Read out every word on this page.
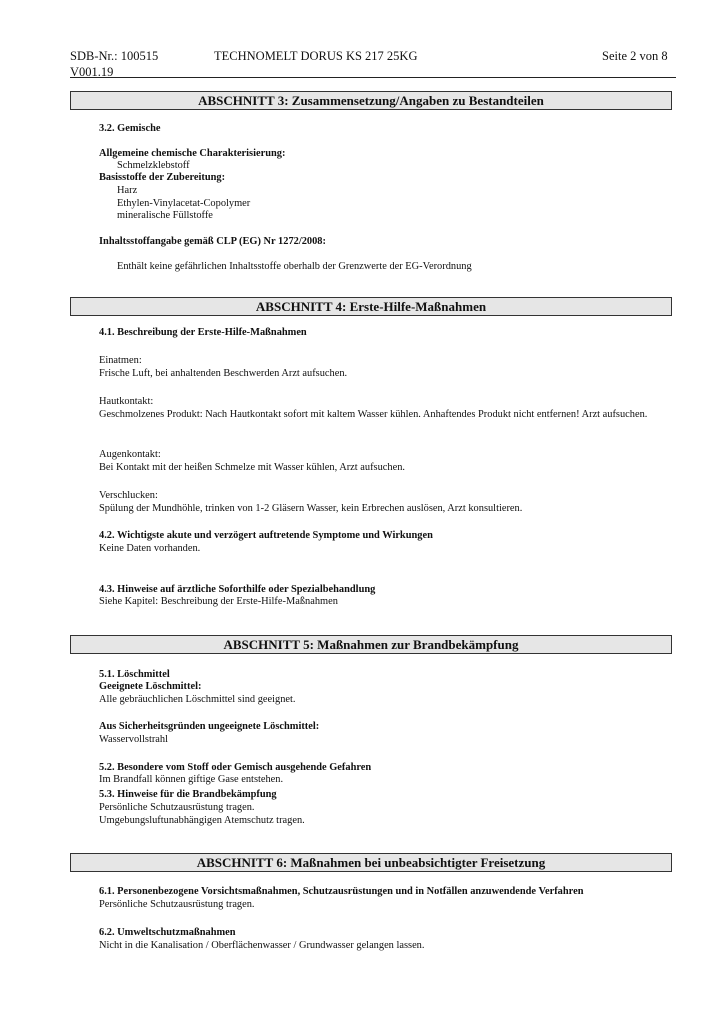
SDB-Nr.: 100515
V001.19
TECHNOMELT DORUS KS 217 25KG	Seite 2 von 8
ABSCHNITT 3: Zusammensetzung/Angaben zu Bestandteilen
3.2. Gemische
Allgemeine chemische Charakterisierung:
Schmelzklebstoff
Basisstoffe der Zubereitung:
Harz
Ethylen-Vinylacetat-Copolymer
mineralische Füllstoffe
Inhaltsstoffangabe gemäß CLP (EG) Nr 1272/2008:
Enthält keine gefährlichen Inhaltsstoffe oberhalb der Grenzwerte der EG-Verordnung
ABSCHNITT 4: Erste-Hilfe-Maßnahmen
4.1. Beschreibung der Erste-Hilfe-Maßnahmen
Einatmen:
Frische Luft, bei anhaltenden Beschwerden Arzt aufsuchen.
Hautkontakt:
Geschmolzenes Produkt: Nach Hautkontakt sofort mit kaltem Wasser kühlen. Anhaftendes Produkt nicht entfernen! Arzt aufsuchen.
Augenkontakt:
Bei Kontakt mit der heißen Schmelze mit Wasser kühlen, Arzt aufsuchen.
Verschlucken:
Spülung der Mundhöhle, trinken von 1-2 Gläsern Wasser, kein Erbrechen auslösen, Arzt konsultieren.
4.2. Wichtigste akute und verzögert auftretende Symptome und Wirkungen
Keine Daten vorhanden.
4.3. Hinweise auf ärztliche Soforthilfe oder Spezialbehandlung
Siehe Kapitel: Beschreibung der Erste-Hilfe-Maßnahmen
ABSCHNITT 5: Maßnahmen zur Brandbekämpfung
5.1. Löschmittel
Geeignete Löschmittel:
Alle gebräuchlichen Löschmittel sind geeignet.
Aus Sicherheitsgründen ungeeignete Löschmittel:
Wasservollstrahl
5.2. Besondere vom Stoff oder Gemisch ausgehende Gefahren
Im Brandfall können giftige Gase entstehen.
5.3. Hinweise für die Brandbekämpfung
Persönliche Schutzausrüstung tragen.
Umgebungsluftunabhängigen Atemschutz tragen.
ABSCHNITT 6: Maßnahmen bei unbeabsichtigter Freisetzung
6.1. Personenbezogene Vorsichtsmaßnahmen, Schutzausrüstungen und in Notfällen anzuwendende Verfahren
Persönliche Schutzausrüstung tragen.
6.2. Umweltschutzmaßnahmen
Nicht in die Kanalisation / Oberflächenwasser / Grundwasser gelangen lassen.
